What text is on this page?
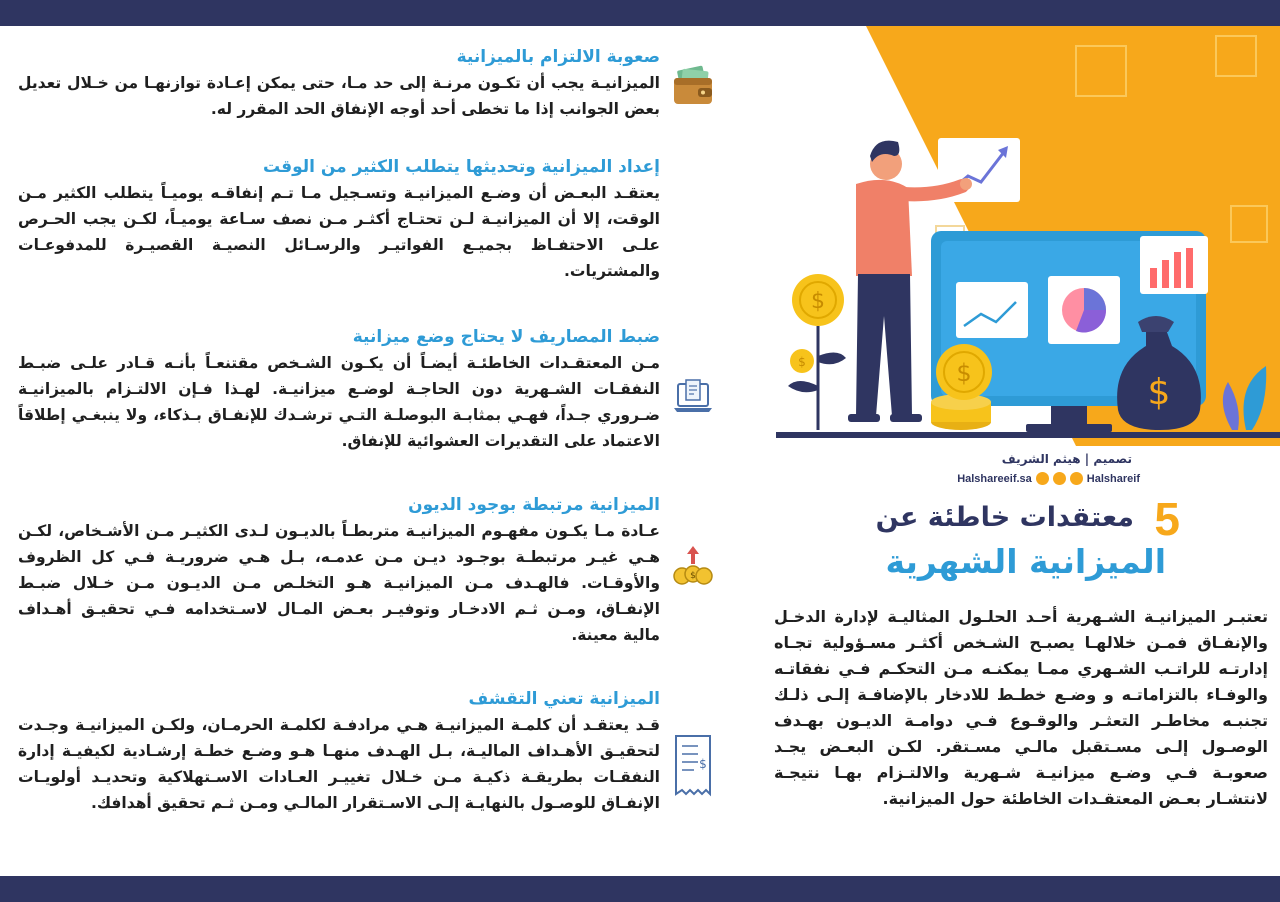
صعوبة الالتزام بالميزانية

الميزانيـة يجب أن تكـون مرنـة إلى حد مـا، حتى يمكن إعـادة توازنهـا من خـلال تعديل بعض الجوانب إذا ما تخطى أحد أوجه الإنفاق الحد المقرر له.

إعداد الميزانية وتحديثها يتطلب الكثير من الوقت

يعتقـد البعـض أن وضـع الميزانيـة وتسـجيل مـا تـم إنفاقـه يوميـاً يتطلب الكثير مـن الوقت، إلا أن الميزانيـة لـن تحتـاج أكثـر مـن نصف سـاعة يوميـاً، لكـن يجب الحـرص علـى الاحتفـاظ بجميـع الفواتيـر والرسـائل النصيـة القصيـرة للمدفوعـات والمشتريات.

ضبط المصاريف لا يحتاج وضع ميزانية

مـن المعتقـدات الخاطئـة أيضـاً أن يكـون الشـخص مقتنعـاً بأنـه قـادر علـى ضبـط النفقـات الشـهرية دون الحاجـة لوضـع ميزانيـة. لهـذا فـإن الالتـزام بالميزانيـة ضـروري جـداً، فهـي بمثابـة البوصلـة التـي ترشـدك للإنفـاق بـذكاء، ولا ينبغـي إطلاقاً الاعتماد على التقديرات العشوائية للإنفاق.

الميزانية مرتبطة بوجود الديون

عـادة مـا يكـون مفهـوم الميزانيـة متربطـاً بالديـون لـدى الكثيـر مـن الأشـخاص، لكـن هـي غيـر مرتبطـة بوجـود ديـن مـن عدمـه، بـل هـي ضروريـة فـي كل الظروف والأوقـات. فالهـدف مـن الميزانيـة هـو التخلـص مـن الديـون مـن خـلال ضبـط الإنفـاق، ومـن ثـم الادخـار وتوفيـر بعـض المـال لاسـتخدامه فـي تحقيـق أهـداف مالية معينة.

الميزانية تعني التقشف

قـد يعتقـد أن كلمـة الميزانيـة هـي مرادفـة لكلمـة الحرمـان، ولكـن الميزانيـة وجـدت لتحقيـق الأهـداف الماليـة، بـل الهـدف منهـا هـو وضـع خطـة إرشـادية لكيفيـة إدارة النفقـات بطريقـة ذكيـة مـن خـلال تغييـر العـادات الاسـتهلاكية وتحديـد أولويـات الإنفـاق للوصـول بالنهايـة إلـى الاسـتقرار المالـي ومـن ثـم تحقيق أهدافك.

$
$
$
$	$	$
تصميم | هيثم الشريف
Halshareeif.sa	Halshareif
5
معتقدات خاطئة عن
الميزانية الشهرية

تعتبـر الميزانيـة الشـهرية أحـد الحلـول المثاليـة لإدارة الدخـل والإنفـاق فمـن خلالهـا يصبـح الشـخص أكثـر مسـؤولية تجـاه إدارتـه للراتـب الشـهري ممـا يمكنـه مـن التحكـم فـي نفقاتـه والوفـاء بالتزاماتـه و وضـع خطـط للادخار بالإضافـة إلـى ذلـك تجنبـه مخاطـر التعثـر والوقـوع فـي دوامـة الديـون بهـدف الوصـول إلـى مسـتقبل مالـي مسـتقر. لكـن البعـض يجـد صعوبـة فـي وضـع ميزانيـة شـهرية والالتـزام بهـا نتيجـة لانتشـار بعـض المعتقـدات الخاطئة حول الميزانية.
